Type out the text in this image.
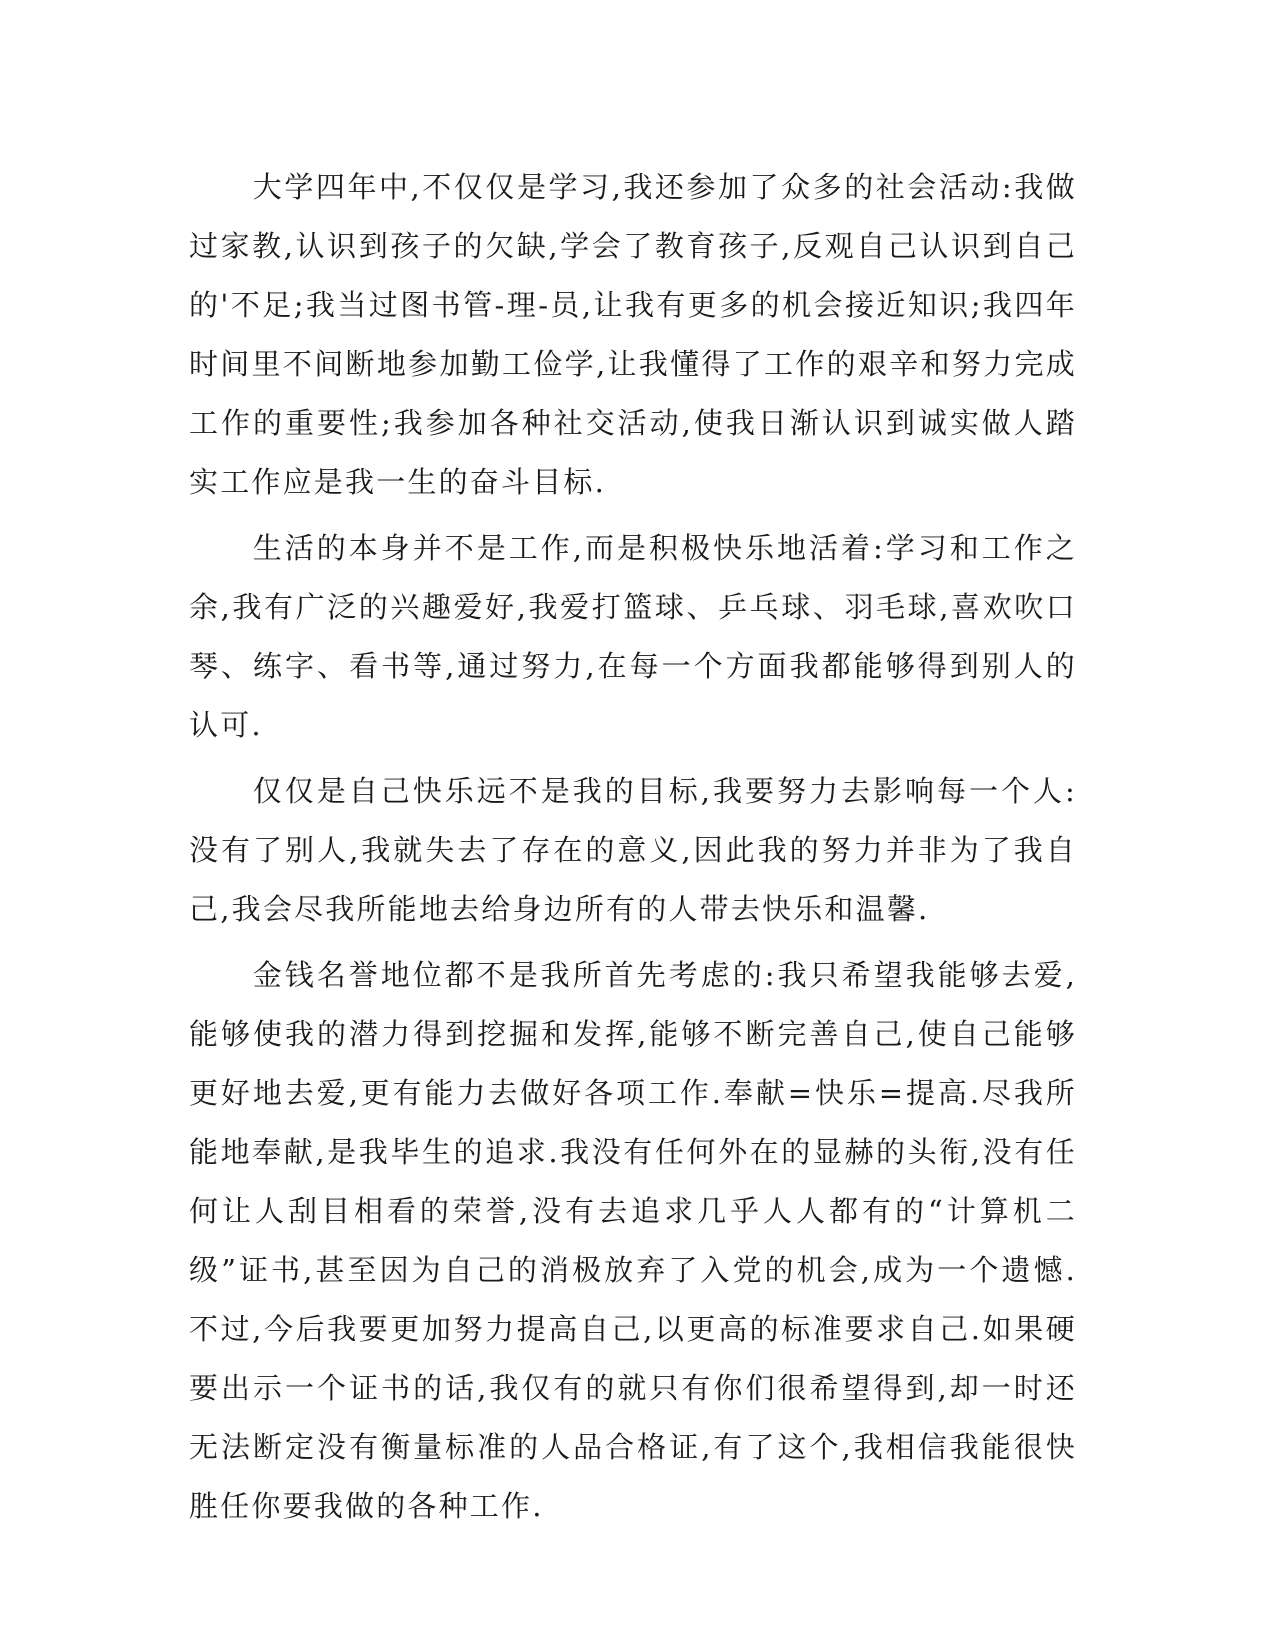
大学四年中,不仅仅是学习,我还参加了众多的社会活动:我做过家教,认识到孩子的欠缺,学会了教育孩子,反观自己认识到自己的'不足;我当过图书管-理-员,让我有更多的机会接近知识;我四年时间里不间断地参加勤工俭学,让我懂得了工作的艰辛和努力完成工作的重要性;我参加各种社交活动,使我日渐认识到诚实做人踏实工作应是我一生的奋斗目标.

生活的本身并不是工作,而是积极快乐地活着:学习和工作之余,我有广泛的兴趣爱好,我爱打篮球、乒乓球、羽毛球,喜欢吹口琴、练字、看书等,通过努力,在每一个方面我都能够得到别人的认可.

仅仅是自己快乐远不是我的目标,我要努力去影响每一个人:没有了别人,我就失去了存在的意义,因此我的努力并非为了我自己,我会尽我所能地去给身边所有的人带去快乐和温馨.

金钱名誉地位都不是我所首先考虑的:我只希望我能够去爱,能够使我的潜力得到挖掘和发挥,能够不断完善自己,使自己能够更好地去爱,更有能力去做好各项工作.奉献=快乐=提高.尽我所能地奉献,是我毕生的追求.我没有任何外在的显赫的头衔,没有任何让人刮目相看的荣誉,没有去追求几乎人人都有的“计算机二级”证书,甚至因为自己的消极放弃了入党的机会,成为一个遗憾.不过,今后我要更加努力提高自己,以更高的标准要求自己.如果硬要出示一个证书的话,我仅有的就只有你们很希望得到,却一时还无法断定没有衡量标准的人品合格证,有了这个,我相信我能很快胜任你要我做的各种工作.
